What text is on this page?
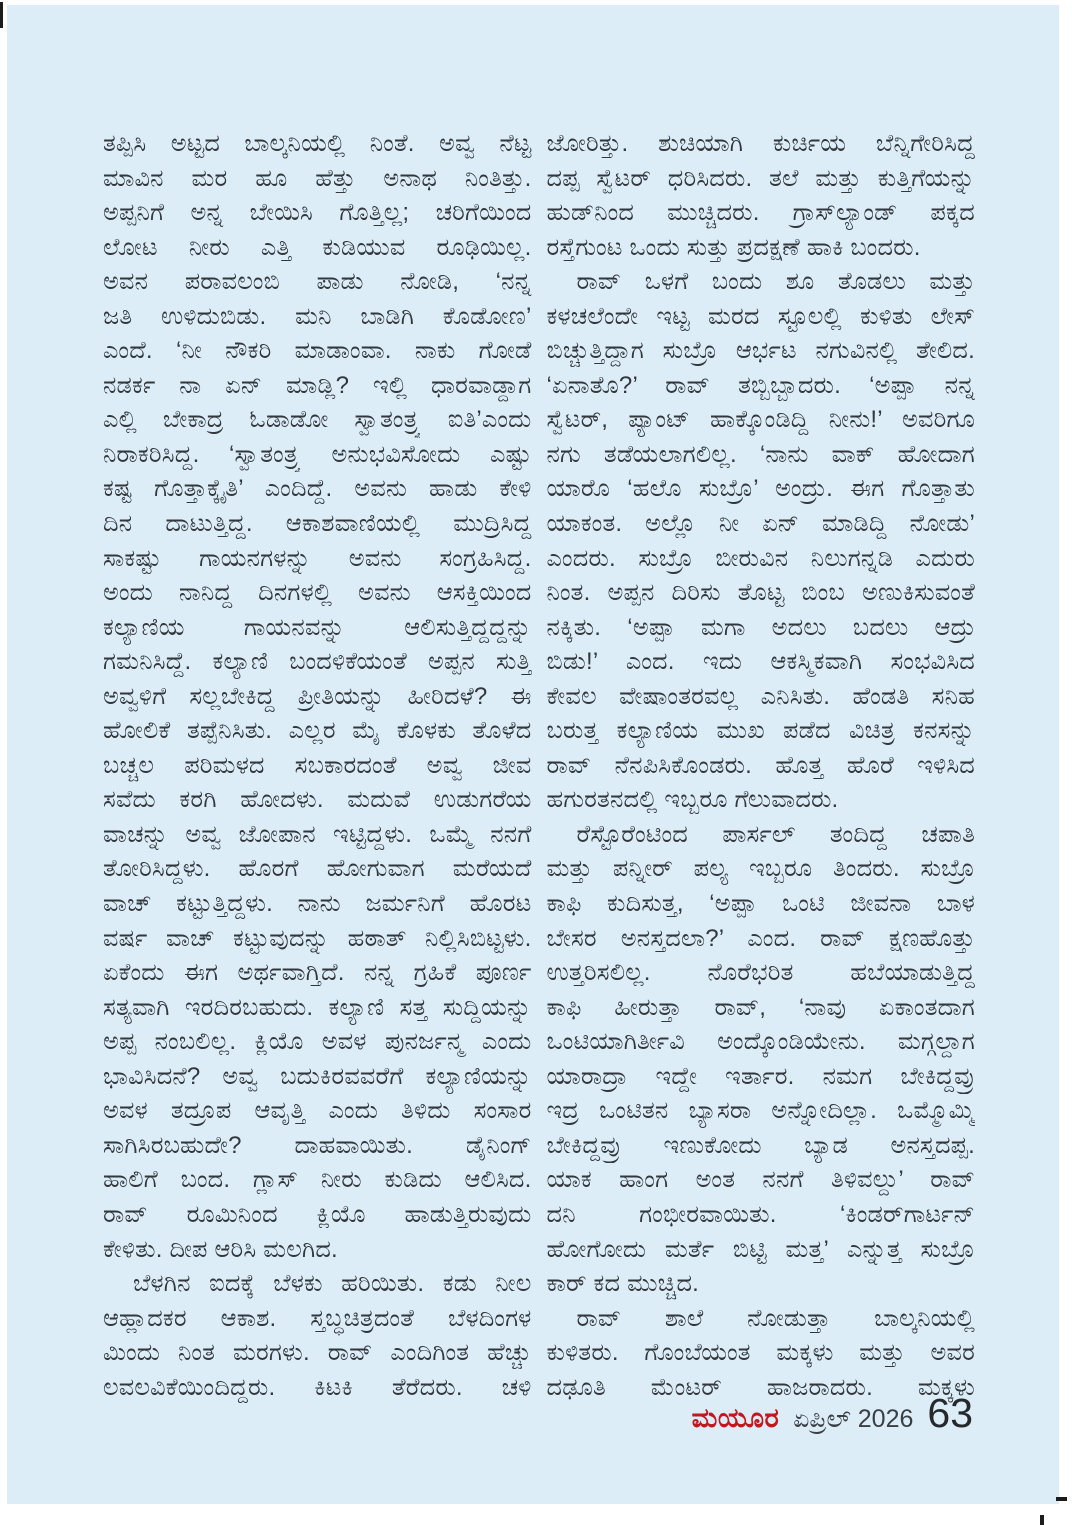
ತಪ್ಪಿಸಿ ಅಟ್ಟದ ಬಾಲ್ಕನಿಯಲ್ಲಿ ನಿಂತೆ. ಅವ್ವ ನೆಟ್ಟ
ಮಾವಿನ ಮರ ಹೂ ಹೆತ್ತು ಅನಾಥ ನಿಂತಿತ್ತು.
ಅಪ್ಪನಿಗೆ ಅನ್ನ ಬೇಯಿಸಿ ಗೊತ್ತಿಲ್ಲ; ಚರಿಗೆಯಿಂದ
ಲೋಟ ನೀರು ಎತ್ತಿ ಕುಡಿಯುವ ರೂಢಿಯಿಲ್ಲ.
ಅವನ ಪರಾವಲಂಬಿ ಪಾಡು ನೋಡಿ, ‘ನನ್ನ
ಜತಿ ಉಳಿದುಬಿಡು. ಮನಿ ಬಾಡಿಗಿ ಕೊಡೋಣ’
ಎಂದೆ. ‘ನೀ ನೌಕರಿ ಮಾಡಾಂವಾ. ನಾಕು ಗೋಡೆ
ನಡರ್ಕ ನಾ ಏನ್ ಮಾಡ್ಲಿ? ಇಲ್ಲಿ ಧಾರವಾಡ್ದಾಗ
ಎಲ್ಲಿ ಬೇಕಾದ್ರ ಓಡಾಡೋ ಸ್ವಾತಂತ್ರ್ಯ ಐತಿ’ಎಂದು
ನಿರಾಕರಿಸಿದ್ದ. ‘ಸ್ವಾತಂತ್ರ್ಯ ಅನುಭವಿಸೋದು ಎಷ್ಟು
ಕಷ್ಟ ಗೊತ್ತಾಕ್ಕೈತಿ’ ಎಂದಿದ್ದೆ. ಅವನು ಹಾಡು ಕೇಳಿ
ದಿನ ದಾಟುತ್ತಿದ್ದ. ಆಕಾಶವಾಣಿಯಲ್ಲಿ ಮುದ್ರಿಸಿದ್ದ
ಸಾಕಷ್ಟು ಗಾಯನಗಳನ್ನು ಅವನು ಸಂಗ್ರಹಿಸಿದ್ದ.
ಅಂದು ನಾನಿದ್ದ ದಿನಗಳಲ್ಲಿ ಅವನು ಆಸಕ್ತಿಯಿಂದ
ಕಲ್ಯಾಣಿಯ ಗಾಯನವನ್ನು ಆಲಿಸುತ್ತಿದ್ದದ್ದನ್ನು
ಗಮನಿಸಿದ್ದೆ. ಕಲ್ಯಾಣಿ ಬಂದಳಿಕೆಯಂತೆ ಅಪ್ಪನ ಸುತ್ತಿ
ಅವ್ವಳಿಗೆ ಸಲ್ಲಬೇಕಿದ್ದ ಪ್ರೀತಿಯನ್ನು ಹೀರಿದಳೆ? ಈ
ಹೋಲಿಕೆ ತಪ್ಪೆನಿಸಿತು. ಎಲ್ಲರ ಮೈ ಕೊಳಕು ತೊಳೆದ
ಬಚ್ಚಲ ಪರಿಮಳದ ಸಬಕಾರದಂತೆ ಅವ್ವ ಜೀವ
ಸವೆದು ಕರಗಿ ಹೋದಳು. ಮದುವೆ ಉಡುಗರೆಯ
ವಾಚನ್ನು ಅವ್ವ ಜೋಪಾನ ಇಟ್ಟಿದ್ದಳು. ಒಮ್ಮೆ ನನಗೆ
ತೋರಿಸಿದ್ದಳು. ಹೊರಗೆ ಹೋಗುವಾಗ ಮರೆಯದೆ
ವಾಚ್ ಕಟ್ಟುತ್ತಿದ್ದಳು. ನಾನು ಜರ್ಮನಿಗೆ ಹೊರಟ
ವರ್ಷ ವಾಚ್ ಕಟ್ಟುವುದನ್ನು ಹಠಾತ್ ನಿಲ್ಲಿಸಿಬಿಟ್ಟಳು.
ಏಕೆಂದು ಈಗ ಅರ್ಥವಾಗ್ತಿದೆ. ನನ್ನ ಗ್ರಹಿಕೆ ಪೂರ್ಣ
ಸತ್ಯವಾಗಿ ಇರದಿರಬಹುದು. ಕಲ್ಯಾಣಿ ಸತ್ತ ಸುದ್ದಿಯನ್ನು
ಅಪ್ಪ ನಂಬಲಿಲ್ಲ. ಕ್ಲಿಯೊ ಅವಳ ಪುನರ್ಜನ್ಮ ಎಂದು
ಭಾವಿಸಿದನೆ? ಅವ್ವ ಬದುಕಿರವವರೆಗೆ ಕಲ್ಯಾಣಿಯನ್ನು
ಅವಳ ತದ್ರೂಪ ಆವೃತ್ತಿ ಎಂದು ತಿಳಿದು ಸಂಸಾರ
ಸಾಗಿಸಿರಬಹುದೇ? ದಾಹವಾಯಿತು. ಡೈನಿಂಗ್
ಹಾಲಿಗೆ ಬಂದ. ಗ್ಲಾಸ್ ನೀರು ಕುಡಿದು ಆಲಿಸಿದ.
ರಾವ್ ರೂಮಿನಿಂದ ಕ್ಲಿಯೊ ಹಾಡುತ್ತಿರುವುದು
ಕೇಳಿತು. ದೀಪ ಆರಿಸಿ ಮಲಗಿದ.
ಬೆಳಗಿನ ಐದಕ್ಕೆ ಬೆಳಕು ಹರಿಯಿತು. ಕಡು ನೀಲ
ಆಹ್ಲಾದಕರ ಆಕಾಶ. ಸ್ತಬ್ಧಚಿತ್ರದಂತೆ ಬೆಳದಿಂಗಳ
ಮಿಂದು ನಿಂತ ಮರಗಳು. ರಾವ್ ಎಂದಿಗಿಂತ ಹೆಚ್ಚು
ಲವಲವಿಕೆಯಿಂದಿದ್ದರು. ಕಿಟಕಿ ತೆರೆದರು. ಚಳಿ
ಜೋರಿತ್ತು. ಶುಚಿಯಾಗಿ ಕುರ್ಚಿಯ ಬೆನ್ನಿಗೇರಿಸಿದ್ದ
ದಪ್ಪ ಸ್ವೆಟರ್ ಧರಿಸಿದರು. ತಲೆ ಮತ್ತು ಕುತ್ತಿಗೆಯನ್ನು
ಹುಡ್‌ನಿಂದ ಮುಚ್ಚಿದರು. ಗ್ರಾಸ್‌ಲ್ಯಾಂಡ್ ಪಕ್ಕದ
ರಸ್ತೆಗುಂಟ ಒಂದು ಸುತ್ತು ಪ್ರದಕ್ಷಣೆ ಹಾಕಿ ಬಂದರು.
ರಾವ್ ಒಳಗೆ ಬಂದು ಶೂ ತೊಡಲು ಮತ್ತು
ಕಳಚಲೆಂದೇ ಇಟ್ಟ ಮರದ ಸ್ಟೂಲಲ್ಲಿ ಕುಳಿತು ಲೇಸ್
ಬಿಚ್ಚುತ್ತಿದ್ದಾಗ ಸುಬ್ರೊ ಆರ್ಭಟ ನಗುವಿನಲ್ಲಿ ತೇಲಿದ.
‘ಏನಾತೊ?’ ರಾವ್ ತಬ್ಬಿಬ್ಬಾದರು. ‘ಅಪ್ಪಾ ನನ್ನ
ಸ್ವೆಟರ್, ಪ್ಯಾಂಟ್ ಹಾಕ್ಕೊಂಡಿದ್ದಿ ನೀನು!’ ಅವರಿಗೂ
ನಗು ತಡೆಯಲಾಗಲಿಲ್ಲ. ‘ನಾನು ವಾಕ್ ಹೋದಾಗ
ಯಾರೊ ‘ಹಲೊ ಸುಬ್ರೊ’ ಅಂದ್ರು. ಈಗ ಗೊತ್ತಾತು
ಯಾಕಂತ. ಅಲ್ಲೊ ನೀ ಏನ್ ಮಾಡಿದ್ದಿ ನೋಡು’
ಎಂದರು. ಸುಬ್ರೊ ಬೀರುವಿನ ನಿಲುಗನ್ನಡಿ ಎದುರು
ನಿಂತ. ಅಪ್ಪನ ದಿರಿಸು ತೊಟ್ಟ ಬಿಂಬ ಅಣುಕಿಸುವಂತೆ
ನಕ್ಕಿತು. ‘ಅಪ್ಪಾ ಮಗಾ ಅದಲು ಬದಲು ಆದ್ರು
ಬಿಡು!’ ಎಂದ. ಇದು ಆಕಸ್ಮಿಕವಾಗಿ ಸಂಭವಿಸಿದ
ಕೇವಲ ವೇಷಾಂತರವಲ್ಲ ಎನಿಸಿತು. ಹೆಂಡತಿ ಸನಿಹ
ಬರುತ್ತ ಕಲ್ಯಾಣಿಯ ಮುಖ ಪಡೆದ ವಿಚಿತ್ರ ಕನಸನ್ನು
ರಾವ್ ನೆನಪಿಸಿಕೊಂಡರು. ಹೊತ್ತ ಹೊರೆ ಇಳಿಸಿದ
ಹಗುರತನದಲ್ಲಿ ಇಬ್ಬರೂ ಗೆಲುವಾದರು.
ರೆಸ್ಟೊರೆಂಟಿಂದ ಪಾರ್ಸಲ್ ತಂದಿದ್ದ ಚಪಾತಿ
ಮತ್ತು ಪನ್ನೀರ್ ಪಲ್ಯ ಇಬ್ಬರೂ ತಿಂದರು. ಸುಬ್ರೊ
ಕಾಫಿ ಕುದಿಸುತ್ತ, ‘ಅಪ್ಪಾ ಒಂಟಿ ಜೀವನಾ ಬಾಳ
ಬೇಸರ ಅನಸ್ತದಲಾ?’ ಎಂದ. ರಾವ್ ಕ್ಷಣಹೊತ್ತು
ಉತ್ತರಿಸಲಿಲ್ಲ. ನೊರೆಭರಿತ ಹಬೆಯಾಡುತ್ತಿದ್ದ
ಕಾಫಿ ಹೀರುತ್ತಾ ರಾವ್, ‘ನಾವು ಏಕಾಂತದಾಗ
ಒಂಟಿಯಾಗಿರ್ತೀವಿ ಅಂದ್ಕೊಂಡಿಯೇನು. ಮಗ್ಗಲ್ದಾಗ
ಯಾರಾದ್ರಾ ಇದ್ದೇ ಇರ್ತಾರ. ನಮಗ ಬೇಕಿದ್ದವ್ರು
ಇದ್ರ ಒಂಟಿತನ ಬ್ಯಾಸರಾ ಅನ್ನೋದಿಲ್ಲಾ. ಒಮ್ಮೊಮ್ಮಿ
ಬೇಕಿದ್ದವ್ರು ಇಣುಕೋದು ಬ್ಯಾಡ ಅನಸ್ತದಪ್ಪ.
ಯಾಕ ಹಾಂಗ ಅಂತ ನನಗೆ ತಿಳಿವಲ್ದು’ ರಾವ್
ದನಿ ಗಂಭೀರವಾಯಿತು. ‘ಕಿಂಡರ್‌ಗಾರ್ಟನ್
ಹೋಗೋದು ಮರ್ತೆ ಬಿಟ್ಟಿ ಮತ್ತ’ ಎನ್ನುತ್ತ ಸುಬ್ರೊ
ಕಾರ್ ಕದ ಮುಚ್ಚಿದ.
ರಾವ್ ಶಾಲೆ ನೋಡುತ್ತಾ ಬಾಲ್ಕನಿಯಲ್ಲಿ
ಕುಳಿತರು. ಗೊಂಬೆಯಂತ ಮಕ್ಕಳು ಮತ್ತು ಅವರ
ದಢೂತಿ ಮೆಂಟರ್ ಹಾಜರಾದರು. ಮಕ್ಕಳು
ಮಯೂರ ಏಪ್ರಿಲ್ 2026 63
